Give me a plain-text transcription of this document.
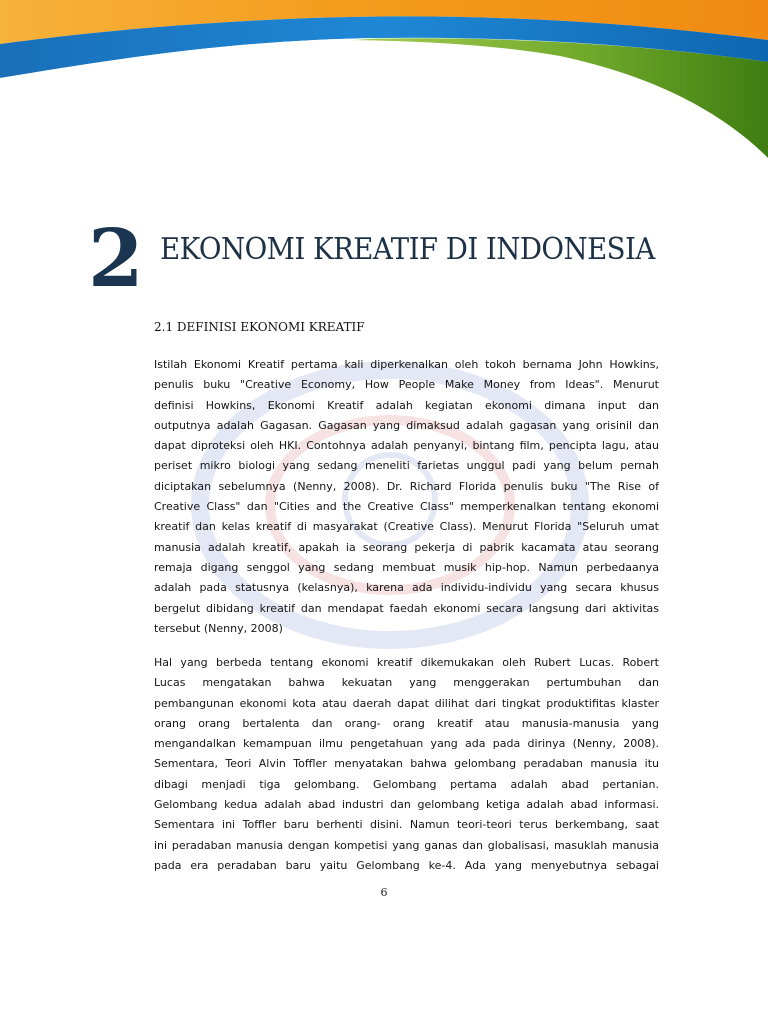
2 EKONOMI KREATIF DI INDONESIA
2.1 DEFINISI EKONOMI KREATIF
Istilah Ekonomi Kreatif pertama kali diperkenalkan oleh tokoh bernama John Howkins,
penulis buku "Creative Economy, How People Make Money from Ideas". Menurut
definisi Howkins, Ekonomi Kreatif adalah kegiatan ekonomi dimana input dan
outputnya adalah Gagasan. Gagasan yang dimaksud adalah gagasan yang orisinil dan
dapat diproteksi oleh HKI. Contohnya adalah penyanyi, bintang film, pencipta lagu, atau
periset mikro biologi yang sedang meneliti farietas unggul padi yang belum pernah
diciptakan sebelumnya (Nenny, 2008). Dr. Richard Florida penulis buku "The Rise of
Creative Class" dan "Cities and the Creative Class" memperkenalkan tentang ekonomi
kreatif dan kelas kreatif di masyarakat (Creative Class). Menurut Florida "Seluruh umat
manusia adalah kreatif, apakah ia seorang pekerja di pabrik kacamata atau seorang
remaja digang senggol yang sedang membuat musik hip-hop. Namun perbedaanya
adalah pada statusnya (kelasnya), karena ada individu-individu yang secara khusus
bergelut dibidang kreatif dan mendapat faedah ekonomi secara langsung dari aktivitas
tersebut (Nenny, 2008)
Hal yang berbeda tentang ekonomi kreatif dikemukakan oleh Rubert Lucas. Robert
Lucas mengatakan bahwa kekuatan yang menggerakan pertumbuhan dan
pembangunan ekonomi kota atau daerah dapat dilihat dari tingkat produktifitas klaster
orang orang bertalenta dan orang- orang kreatif atau manusia-manusia yang
mengandalkan kemampuan ilmu pengetahuan yang ada pada dirinya (Nenny, 2008).
Sementara, Teori Alvin Toffler menyatakan bahwa gelombang peradaban manusia itu
dibagi menjadi tiga gelombang. Gelombang pertama adalah abad pertanian.
Gelombang kedua adalah abad industri dan gelombang ketiga adalah abad informasi.
Sementara ini Toffler baru berhenti disini. Namun teori-teori terus berkembang, saat
ini peradaban manusia dengan kompetisi yang ganas dan globalisasi, masuklah manusia
pada era peradaban baru yaitu Gelombang ke-4. Ada yang menyebutnya sebagai
6
